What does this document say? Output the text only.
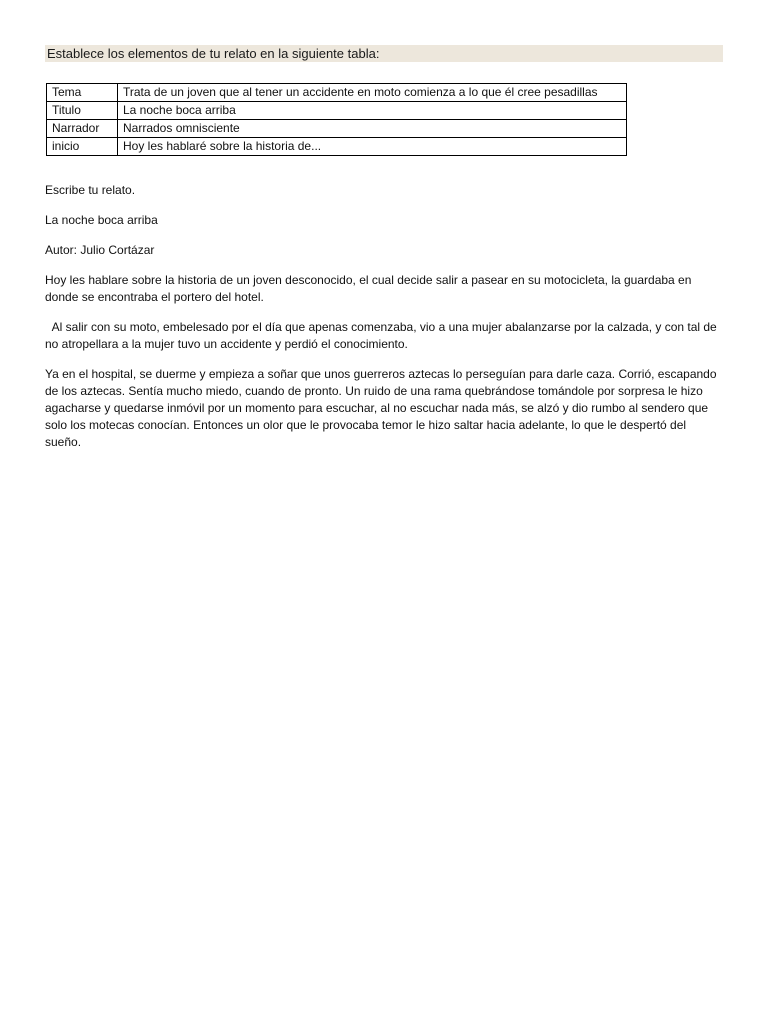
Establece los elementos de tu relato en la siguiente tabla:
Tema	Trata de un joven que al tener un accidente en moto comienza a lo que él cree pesadillas
Titulo	La noche boca arriba
Narrador	Narrados omnisciente
inicio	Hoy les hablaré sobre la historia de...

Escribe tu relato.

La noche boca arriba

Autor: Julio Cortázar

Hoy les hablare sobre la historia de un joven desconocido, el cual decide salir a pasear en su motocicleta, la guardaba en donde se encontraba el portero del hotel.

Al salir con su moto, embelesado por el día que apenas comenzaba, vio a una mujer abalanzarse por la calzada, y con tal de no atropellara a la mujer tuvo un accidente y perdió el conocimiento.

Ya en el hospital, se duerme y empieza a soñar que unos guerreros aztecas lo perseguían para darle caza. Corrió, escapando de los aztecas. Sentía mucho miedo, cuando de pronto. Un ruido de una rama quebrándose tomándole por sorpresa le hizo agacharse y quedarse inmóvil por un momento para escuchar, al no escuchar nada más, se alzó y dio rumbo al sendero que solo los motecas conocían. Entonces un olor que le provocaba temor le hizo saltar hacia adelante, lo que le despertó del sueño.
